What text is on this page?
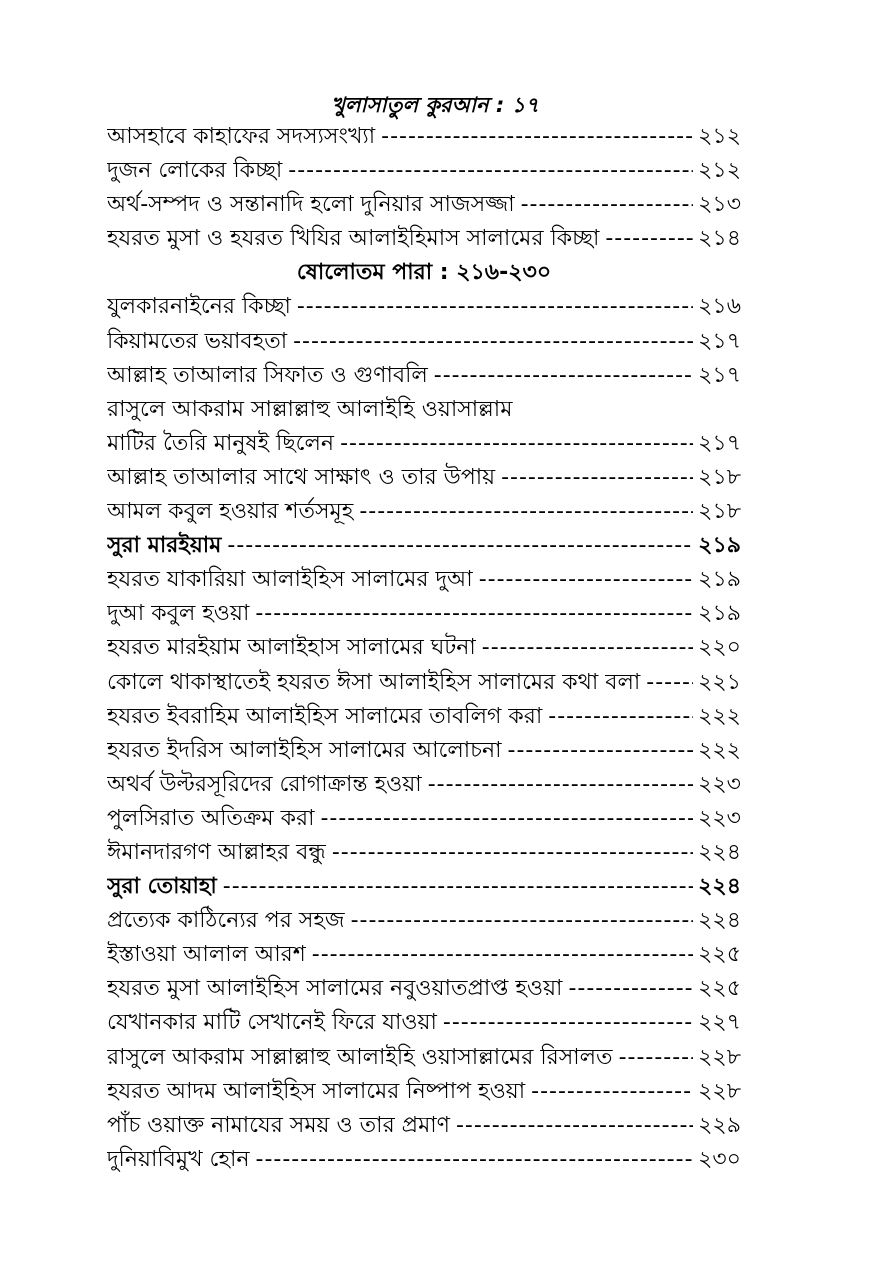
খুলাসাতুল কুরআন : ১৭
আসহাবে কাহাফের সদস্যসংখ্যা -----	২১২
দুজন লোকের কিচ্ছা -----	২১২
অর্থ-সম্পদ ও সন্তানাদি হলো দুনিয়ার সাজসজ্জা -----	২১৩
হযরত মুসা ও হযরত খিযির আলাইহিমাস সালামের কিচ্ছা -----	২১৪
ষোলোতম পারা : ২১৬-২৩০
যুলকারনাইনের কিচ্ছা -----	২১৬
কিয়ামতের ভয়াবহতা -----	২১৭
আল্লাহ তাআলার সিফাত ও গুণাবলি -----	২১৭
রাসুলে আকরাম সাল্লাল্লাহু আলাইহি ওয়াসাল্লাম
মাটির তৈরি মানুষই ছিলেন -----	২১৭
আল্লাহ তাআলার সাথে সাক্ষাৎ ও তার উপায় -----	২১৮
আমল কবুল হওয়ার শর্তসমূহ -----	২১৮
সুরা মারইয়াম -----	২১৯
হযরত যাকারিয়া আলাইহিস সালামের দুআ -----	২১৯
দুআ কবুল হওয়া -----	২১৯
হযরত মারইয়াম আলাইহাস সালামের ঘটনা -----	২২০
কোলে থাকাস্থাতেই হযরত ঈসা আলাইহিস সালামের কথা বলা -----	২২১
হযরত ইবরাহিম আলাইহিস সালামের তাবলিগ করা -----	২২২
হযরত ইদরিস আলাইহিস সালামের আলোচনা -----	২২২
অথর্ব উল্টরসূরিদের রোগাক্রান্ত হওয়া -----	২২৩
পুলসিরাত অতিক্রম করা -----	২২৩
ঈমানদারগণ আল্লাহর বন্ধু -----	২২৪
সুরা তোয়াহা -----	২২৪
প্রত্যেক কাঠিন্যের পর সহজ -----	২২৪
ইস্তাওয়া আলাল আরশ -----	২২৫
হযরত মুসা আলাইহিস সালামের নবুওয়াতপ্রাপ্ত হওয়া -----	২২৫
যেখানকার মাটি সেখানেই ফিরে যাওয়া -----	২২৭
রাসুলে আকরাম সাল্লাল্লাহু আলাইহি ওয়াসাল্লামের রিসালত -----	২২৮
হযরত আদম আলাইহিস সালামের নিষ্পাপ হওয়া -----	২২৮
পাঁচ ওয়াক্ত নামাযের সময় ও তার প্রমাণ -----	২২৯
দুনিয়াবিমুখ হোন -----	২৩০
